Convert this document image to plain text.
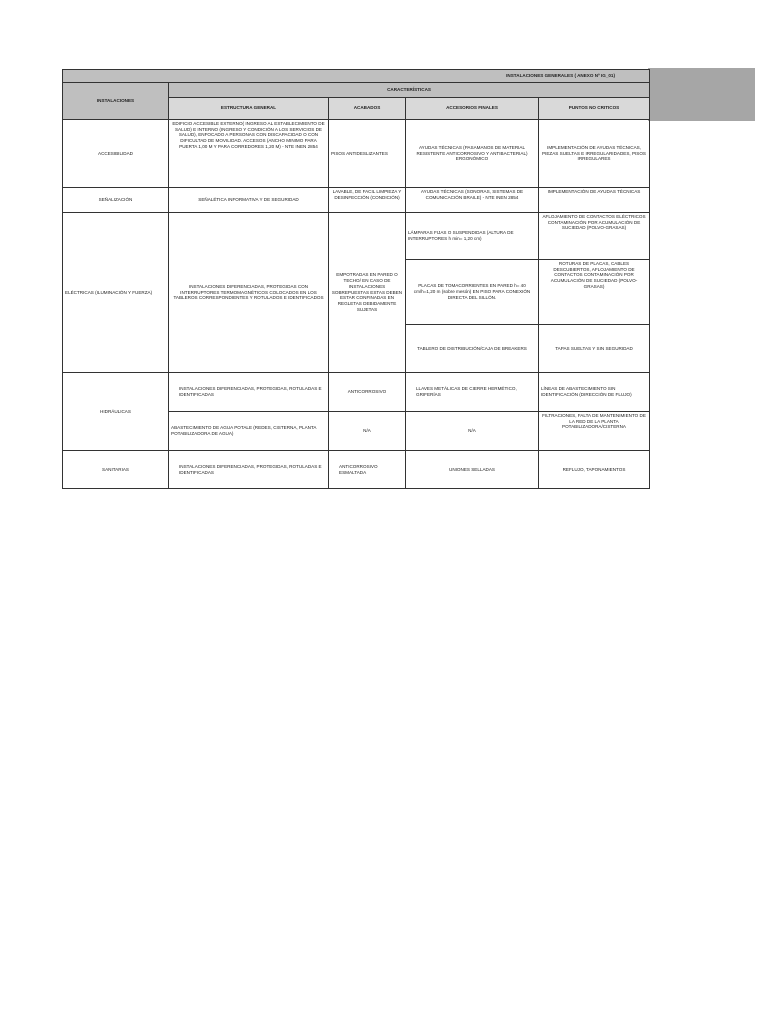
INSTALACIONES GENERALES ( ANEXO Nº IG_01)				
INSTALACIONES	CARACTERÍSTICAS			
	ESTRUCTURA GENERAL	ACABADOS	ACCESORIOS FINALES	PUNTOS NO CRITICOS
ACCESIBILIDAD	EDIFICIO ACCESIBLE EXTERNO( INGRESO AL ESTABLECIMIENTO DE SALUD) E INTERNO (INGRESO Y CONDICIÓN A LOS SERVICIOS DE SALUD), ENFOCADO A PERSONAS CON DISCAPACIDAD O CON DIFICULTAD DE MOVILIDAD. ACCESOS (ANCHO MINIMO PARA PUERTA 1,00 M Y PARA CORREDORES 1,20 M) - NTE INEN 2854	PISOS ANTIDESLIZANTES	AYUDAS TÉCNICAS (PASAMANOS DE MATERIAL RESISTENTE ANTICORROSIVO Y ANTIBACTERIAL) ERGONÓMICO	IMPLEMENTACIÓN DE AYUDAS TÉCNICAS, PIEZAS SUELTAS E IRREGULARIDADES, PISOS IRREGULARES
SEÑALIZACIÓN	SEÑALÉTICA INFORMATIVA Y DE SEGURIDAD	LAVABLE, DE FACIL LIMPIEZA Y DESINFECCIÓN (CONDICIÓN)	AYUDAS TÉCNICAS (SONORAS, SISTEMAS DE COMUNICACIÓN BRAILE) - NTE INEN 2854	IMPLEMENTACIÓN DE AYUDAS TÉCNICAS
ELÉCTRICAS (ILUMINACIÓN Y FUERZA)	INSTALACIONES DIFERENCIADAS, PROTEGIDAS CON INTERRUPTORES TERMOMAGNÉTICOS COLOCADOS EN LOS TABLEROS CORRESPONDIENTES Y ROTULADOS E IDENTIFICADOS	EMPOTRADAS EN PARED O TECHO/ EN CASO DE INSTALACIONES SOBREPUESTAS ESTAS DEBEN ESTAR CONFINADAS EN REGLETAS DEBIDAMENTE SUJETAS	LÁMPARAS FIJAS O SUSPENDIDAS (ALTURA DE INTERRUPTORES h min= 1,20 cm)	AFLOJAMIENTO DE CONTACTOS ELÉCTRICOS CONTAMINACIÓN POR ACUMULACIÓN DE SUCIEDAD (POLVO-GRASAS)
			PLACAS DE TOMACORRIENTES EN PARED h= 40 cm/h=1,20 m (sobre mesón) EN PISO PARA CONEXIÓN DIRECTA DEL SILLÓN.	ROTURAS DE PLACAS, CABLES DESCUBIERTOS, AFLOJAMIENTO DE CONTACTOS CONTAMINACIÓN POR ACUMULACIÓN DE SUCIEDAD (POLVO-GRASAS)
			TABLERO DE DISTRIBUCIÓN/CAJA DE BREAKERS	TAPAS SUELTAS Y SIN SEGURIDAD
HIDRÁULICAS	INSTALACIONES DIFERENCIADAS, PROTEGIDAS, ROTULADAS E IDENTIFICADAS	ANTICORROSIVO	LLAVES METÁLICAS DE CIERRE HERMÉTICO, GRIFERÍAS	LÍNEAS DE ABASTECIMIENTO SIN IDENTIFICACIÓN (DIRECCIÓN DE FLUJO)
	ABASTECIMIENTO DE AGUA POTALE (REDES, CISTERNA, PLANTA POTABILIZADORA DE AGUA)	N/A	N/A	FILTRACIONES, FALTA DE MANTENIMIENTO DE LA RED DE LA PLANTA POTABILIZADORA/CISTERNA
SANITARIAS	INSTALACIONES DIFERENCIADAS, PROTEGIDAS, ROTULADAS E IDENTIFICADAS	ANTICORROSIVO ESMALTADA	UNIONES SELLADAS	REFLUJO, TAPONAMIENTOS
